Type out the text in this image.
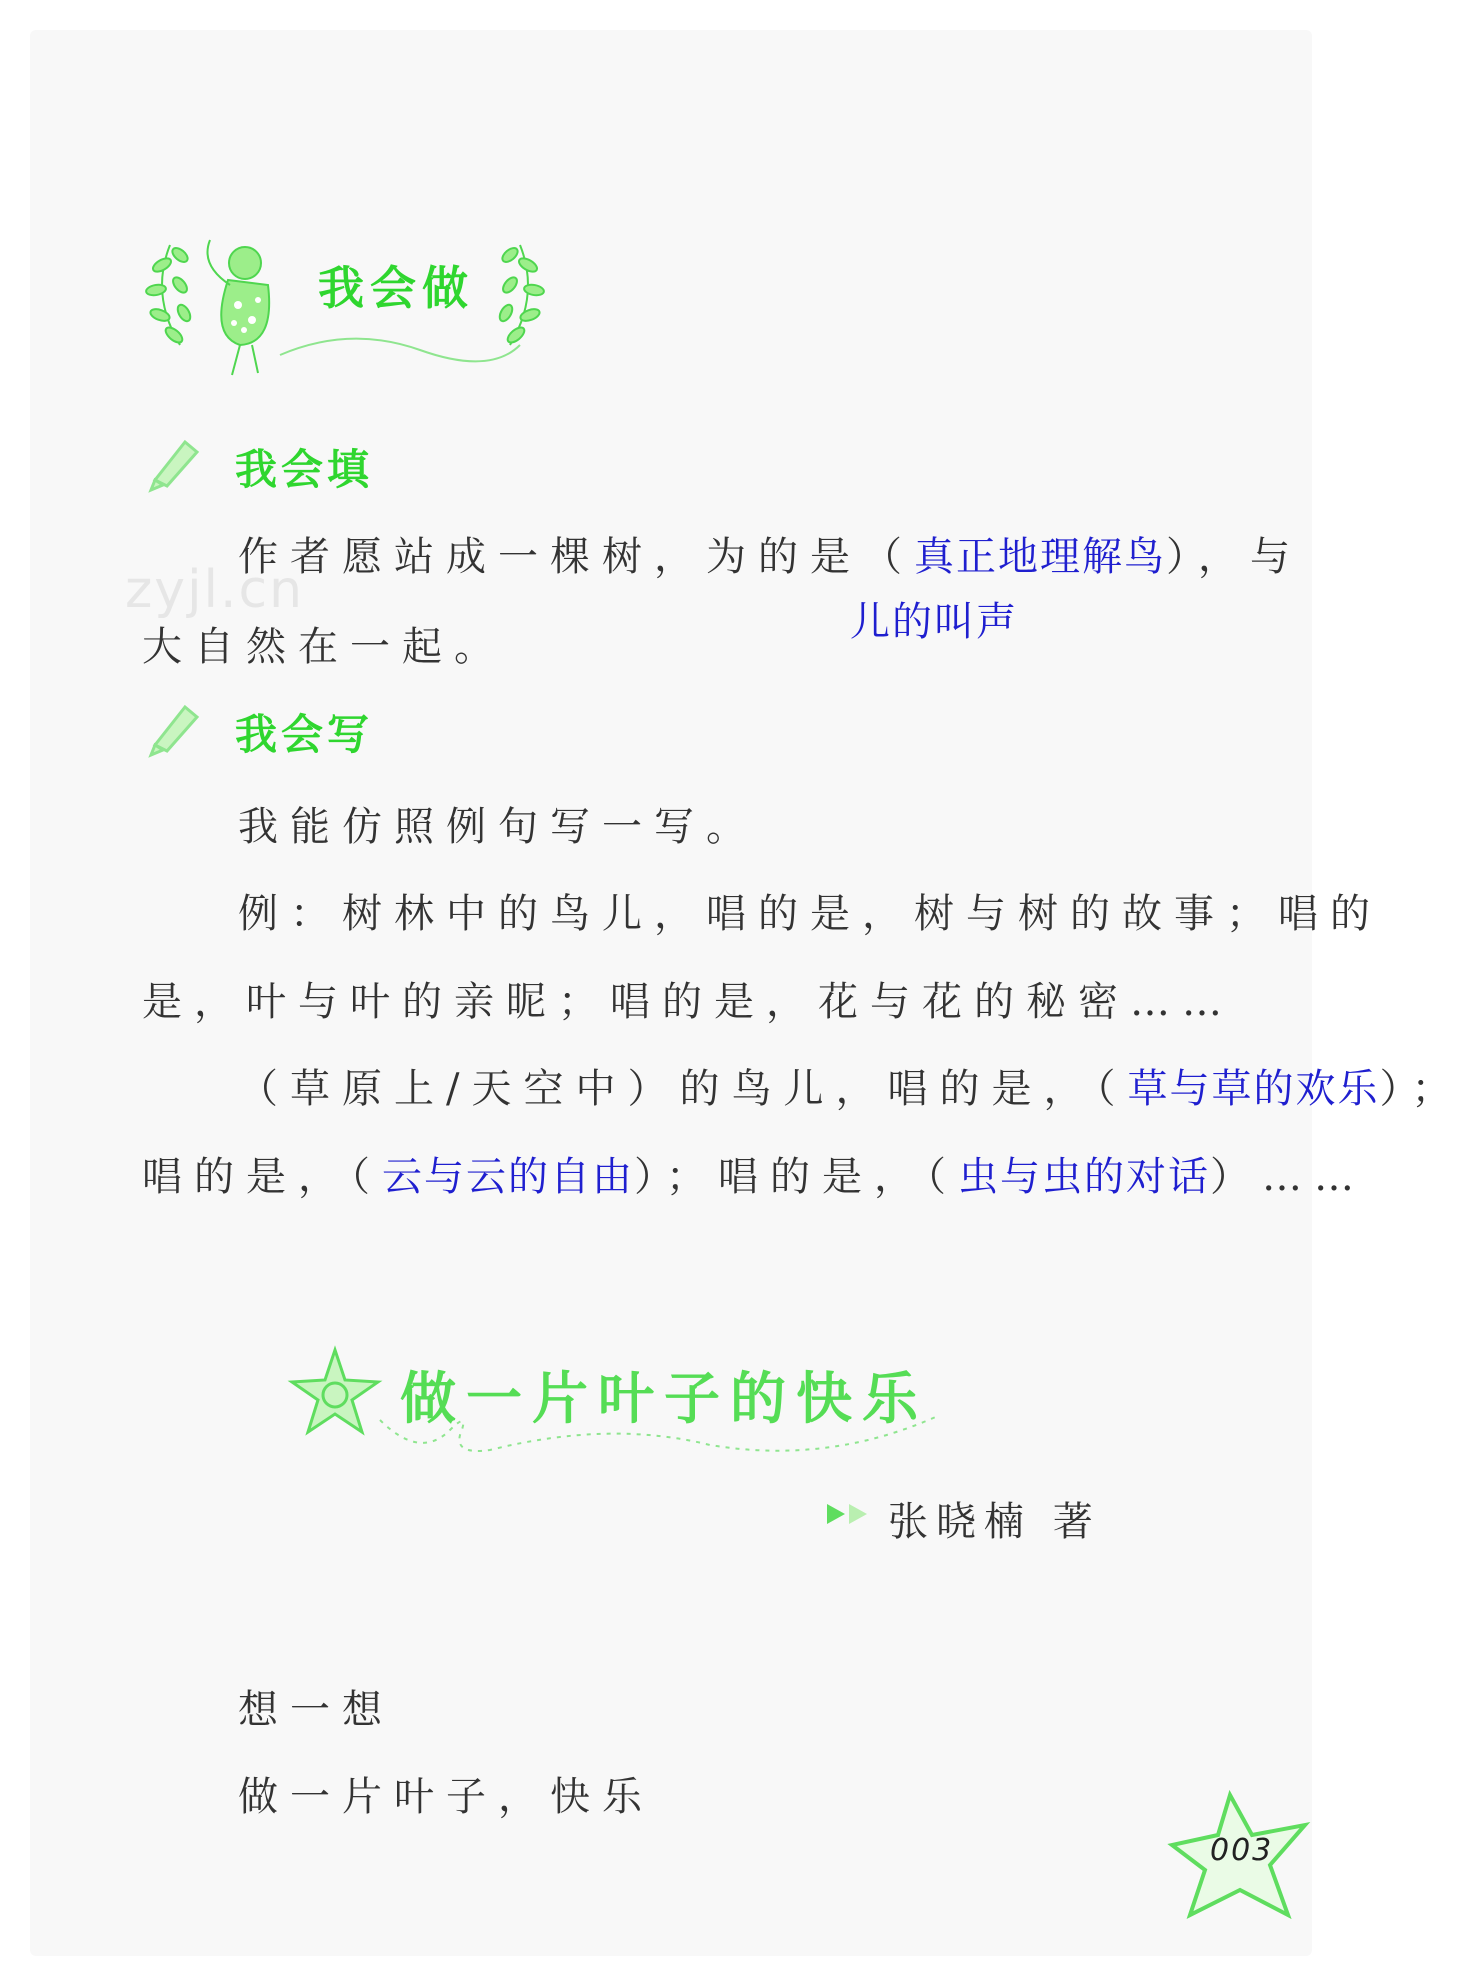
我会做
我会填
作者愿站成一棵树，为的是（真正地理解鸟），与
儿的叫声
大自然在一起。
zyjl.cn
我会写
我能仿照例句写一写。
例：树林中的鸟儿，唱的是，树与树的故事；唱的
是，叶与叶的亲昵；唱的是，花与花的秘密……
（草原上/天空中）的鸟儿，唱的是，（草与草的欢乐）；
唱的是，（云与云的自由）；唱的是，（虫与虫的对话）……
做一片叶子的快乐
张晓楠 著
想一想
做一片叶子，快乐
003
